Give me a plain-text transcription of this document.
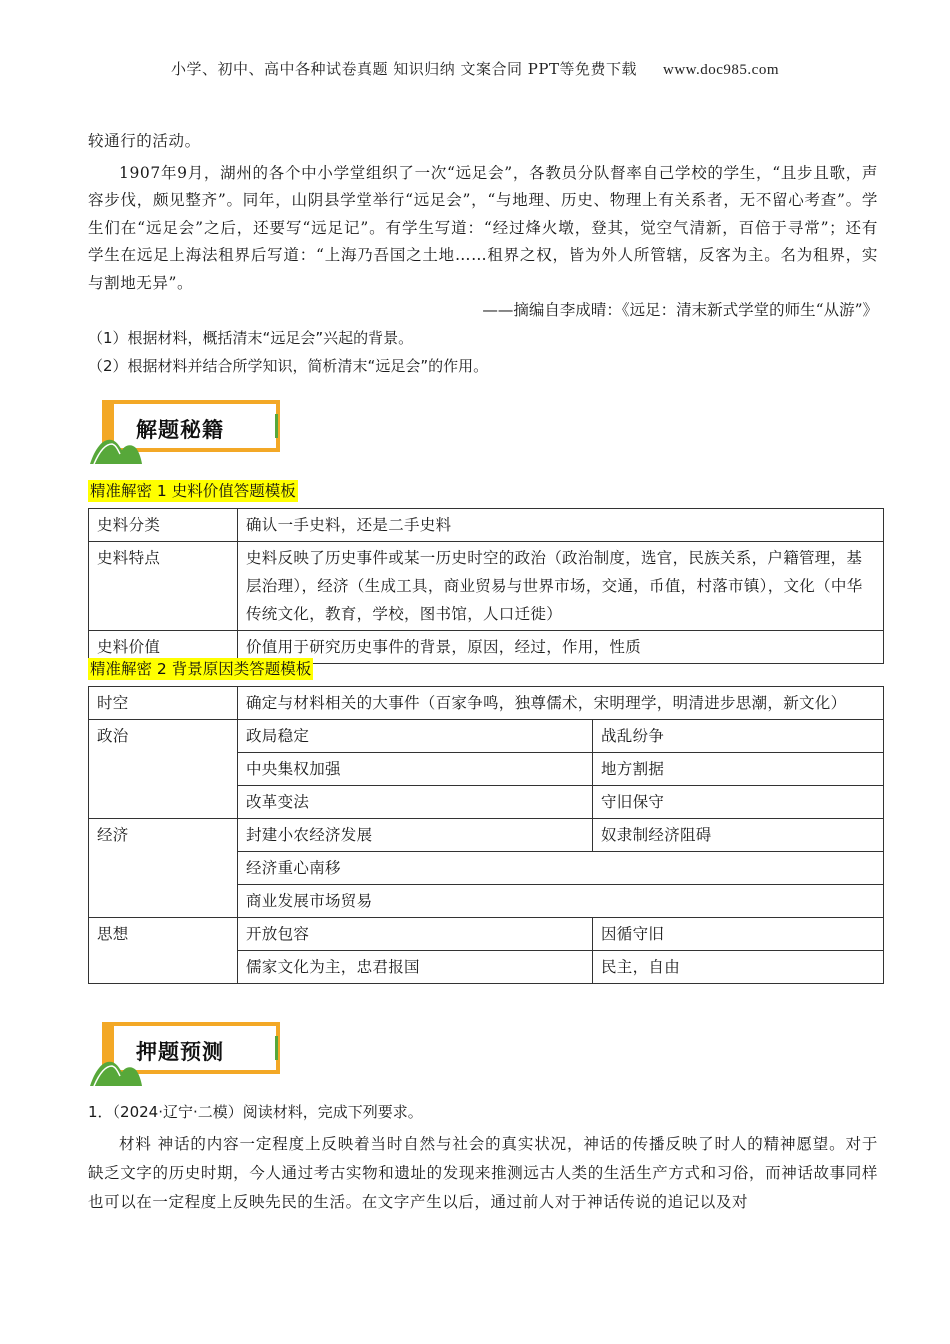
小学、初中、高中各种试卷真题 知识归纳 文案合同 PPT等免费下载 www.doc985.com

较通行的活动。

1907年9月，湖州的各个中小学堂组织了一次“远足会”，各教员分队督率自己学校的学生，“且步且歌，声容步伐，颇见整齐”。同年，山阴县学堂举行“远足会”，“与地理、历史、物理上有关系者，无不留心考查”。学生们在“远足会”之后，还要写“远足记”。有学生写道：“经过烽火墩，登其，觉空气清新，百倍于寻常”；还有学生在远足上海法租界后写道：“上海乃吾国之土地……租界之权，皆为外人所管辖，反客为主。名为租界，实与割地无异”。

——摘编自李成晴：《远足：清末新式学堂的师生“从游”》

（1）根据材料，概括清末“远足会”兴起的背景。

（2）根据材料并结合所学知识，简析清末“远足会”的作用。

解题秘籍
精准解密 1 史料价值答题模板
史料分类	确认一手史料，还是二手史料
史料特点	史料反映了历史事件或某一历史时空的政治（政治制度，选官，民族关系，户籍管理，基层治理），经济（生成工具，商业贸易与世界市场，交通，币值，村落市镇），文化（中华传统文化，教育，学校，图书馆，人口迁徙）
史料价值	价值用于研究历史事件的背景，原因，经过，作用，性质
精准解密 2 背景原因类答题模板
时空	确定与材料相关的大事件（百家争鸣，独尊儒术，宋明理学，明清进步思潮，新文化）	
政治	政局稳定	战乱纷争
	中央集权加强	地方割据
	改革变法	守旧保守
经济	封建小农经济发展	奴隶制经济阻碍
	经济重心南移	
	商业发展市场贸易	
思想	开放包容	因循守旧
	儒家文化为主，忠君报国	民主，自由
押题预测

1．（2024·辽宁·二模）阅读材料，完成下列要求。

材料 神话的内容一定程度上反映着当时自然与社会的真实状况，神话的传播反映了时人的精神愿望。对于缺乏文字的历史时期，今人通过考古实物和遗址的发现来推测远古人类的生活生产方式和习俗，而神话故事同样也可以在一定程度上反映先民的生活。在文字产生以后，通过前人对于神话传说的追记以及对
